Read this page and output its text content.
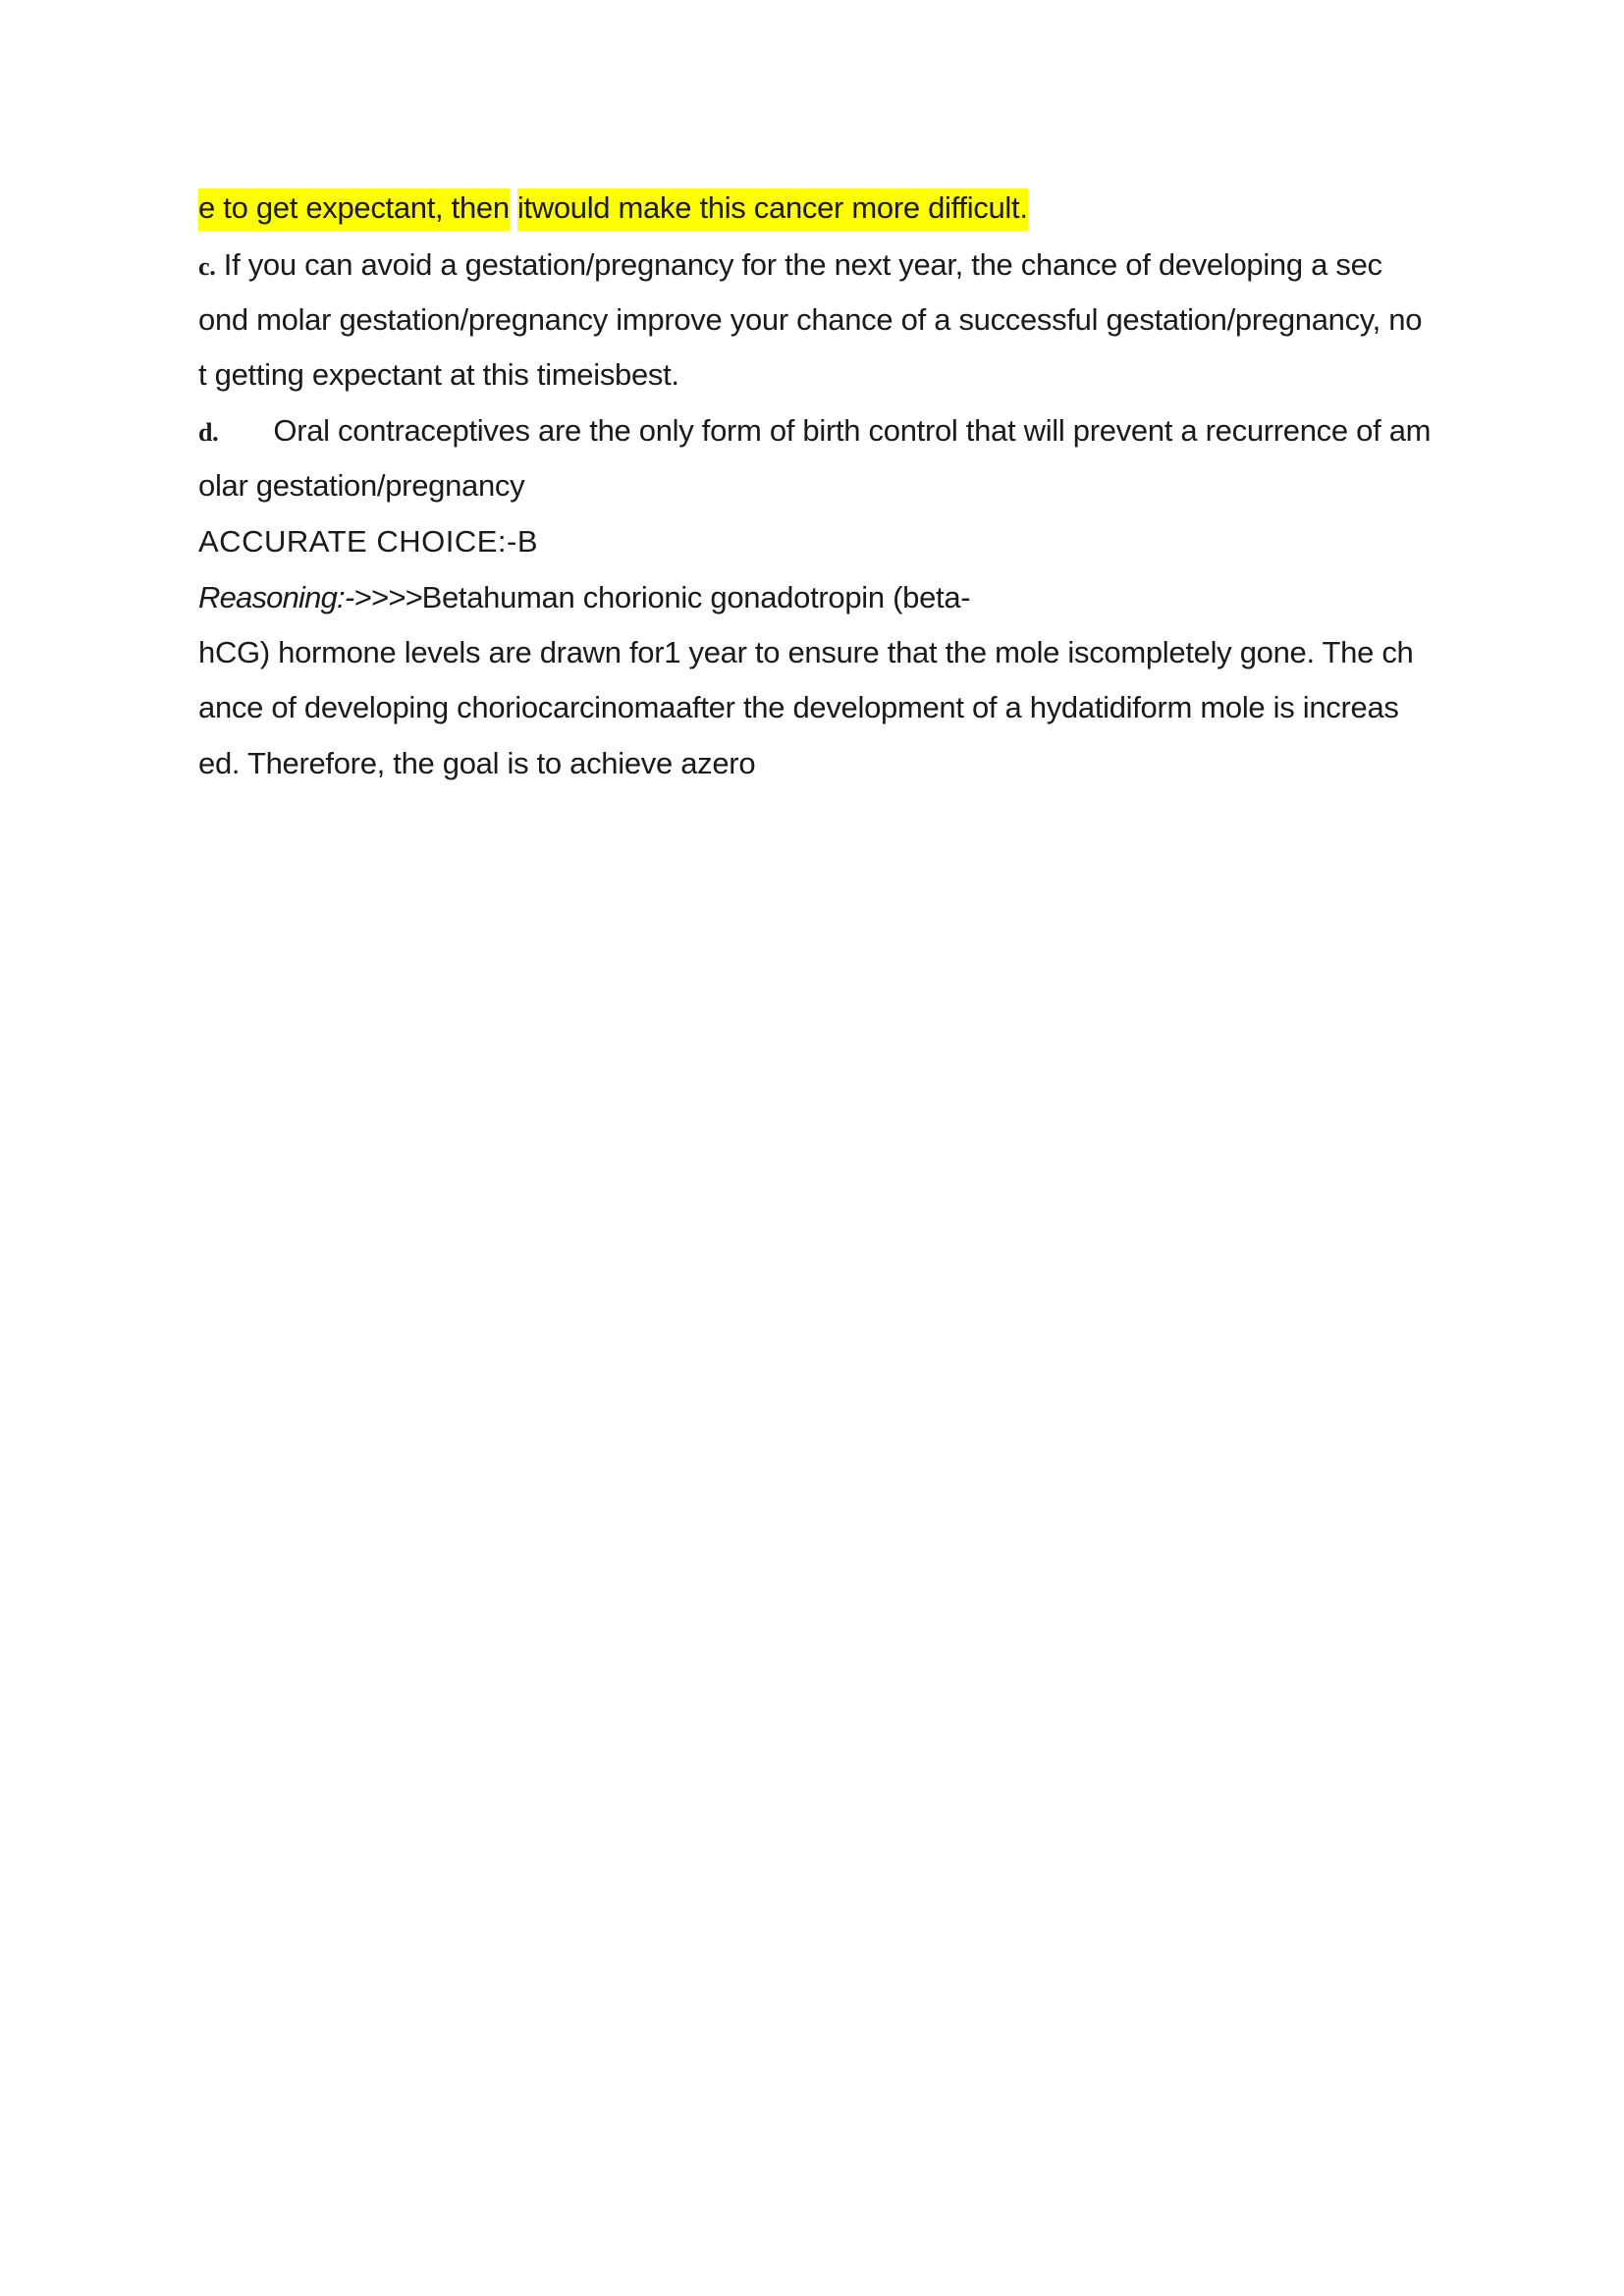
e to get expectant, then itwould make this cancer more difficult.
c. If you can avoid a gestation/pregnancy for the next year, the chance of developing a sec
ond molar gestation/pregnancy improve your chance of a successful gestation/pregnancy, no
t getting expectant at this timeisbest.
d. Oral contraceptives are the only form of birth control that will prevent a recurrence of am
olar gestation/pregnancy
ACCURATE CHOICE:-B
Reasoning:->>>>Betahuman chorionic gonadotropin (beta-
hCG) hormone levels are drawn for1 year to ensure that the mole iscompletely gone. The ch
ance of developing choriocarcinomaafter the development of a hydatidiform mole is increas
ed. Therefore, the goal is to achieve azero
